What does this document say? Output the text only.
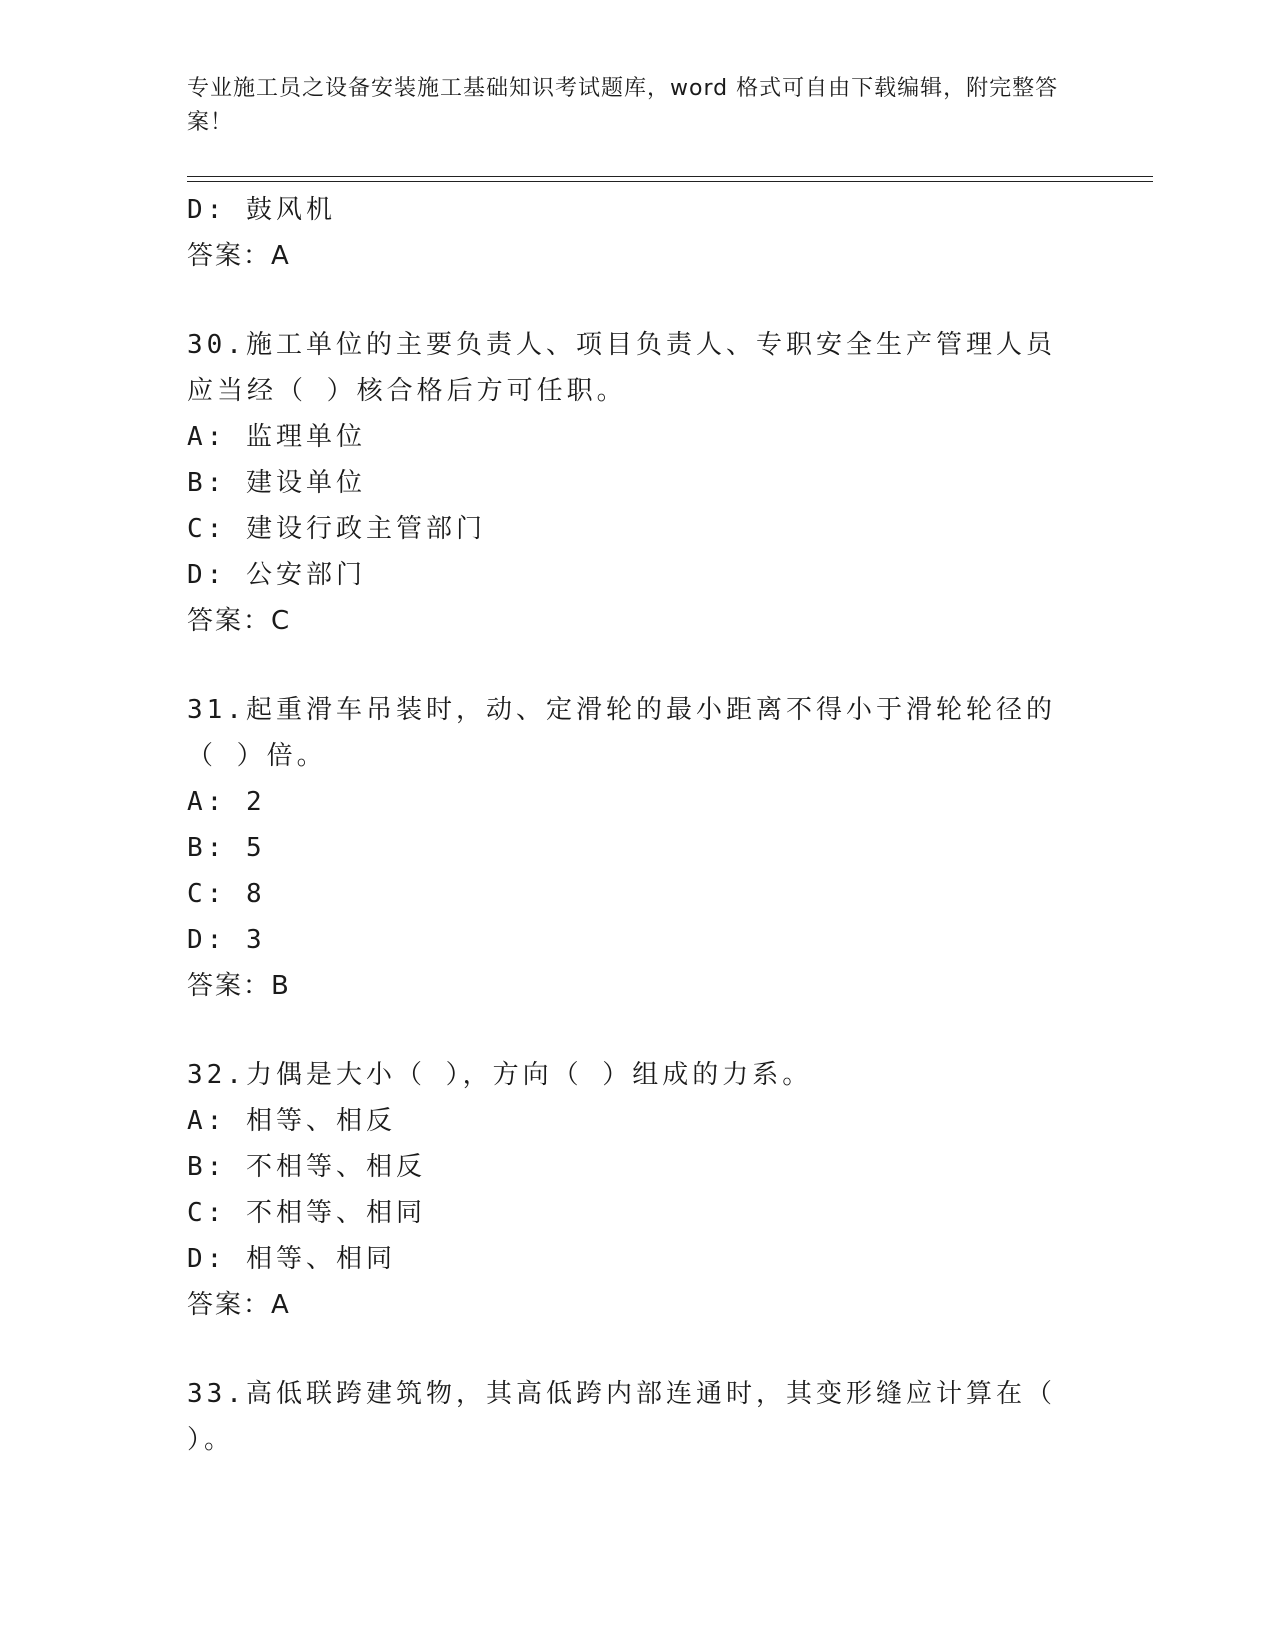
专业施工员之设备安装施工基础知识考试题库，word 格式可自由下载编辑，附完整答案！
D: 鼓风机
答案：A
30.施工单位的主要负责人、项目负责人、专职安全生产管理人员应当经（ ）核合格后方可任职。
A: 监理单位
B: 建设单位
C: 建设行政主管部门
D: 公安部门
答案：C
31.起重滑车吊装时，动、定滑轮的最小距离不得小于滑轮轮径的（ ）倍。
A: 2
B: 5
C: 8
D: 3
答案：B
32.力偶是大小（ ），方向（ ）组成的力系。
A: 相等、相反
B: 不相等、相反
C: 不相等、相同
D: 相等、相同
答案：A
33.高低联跨建筑物，其高低跨内部连通时，其变形缝应计算在（ ）。
